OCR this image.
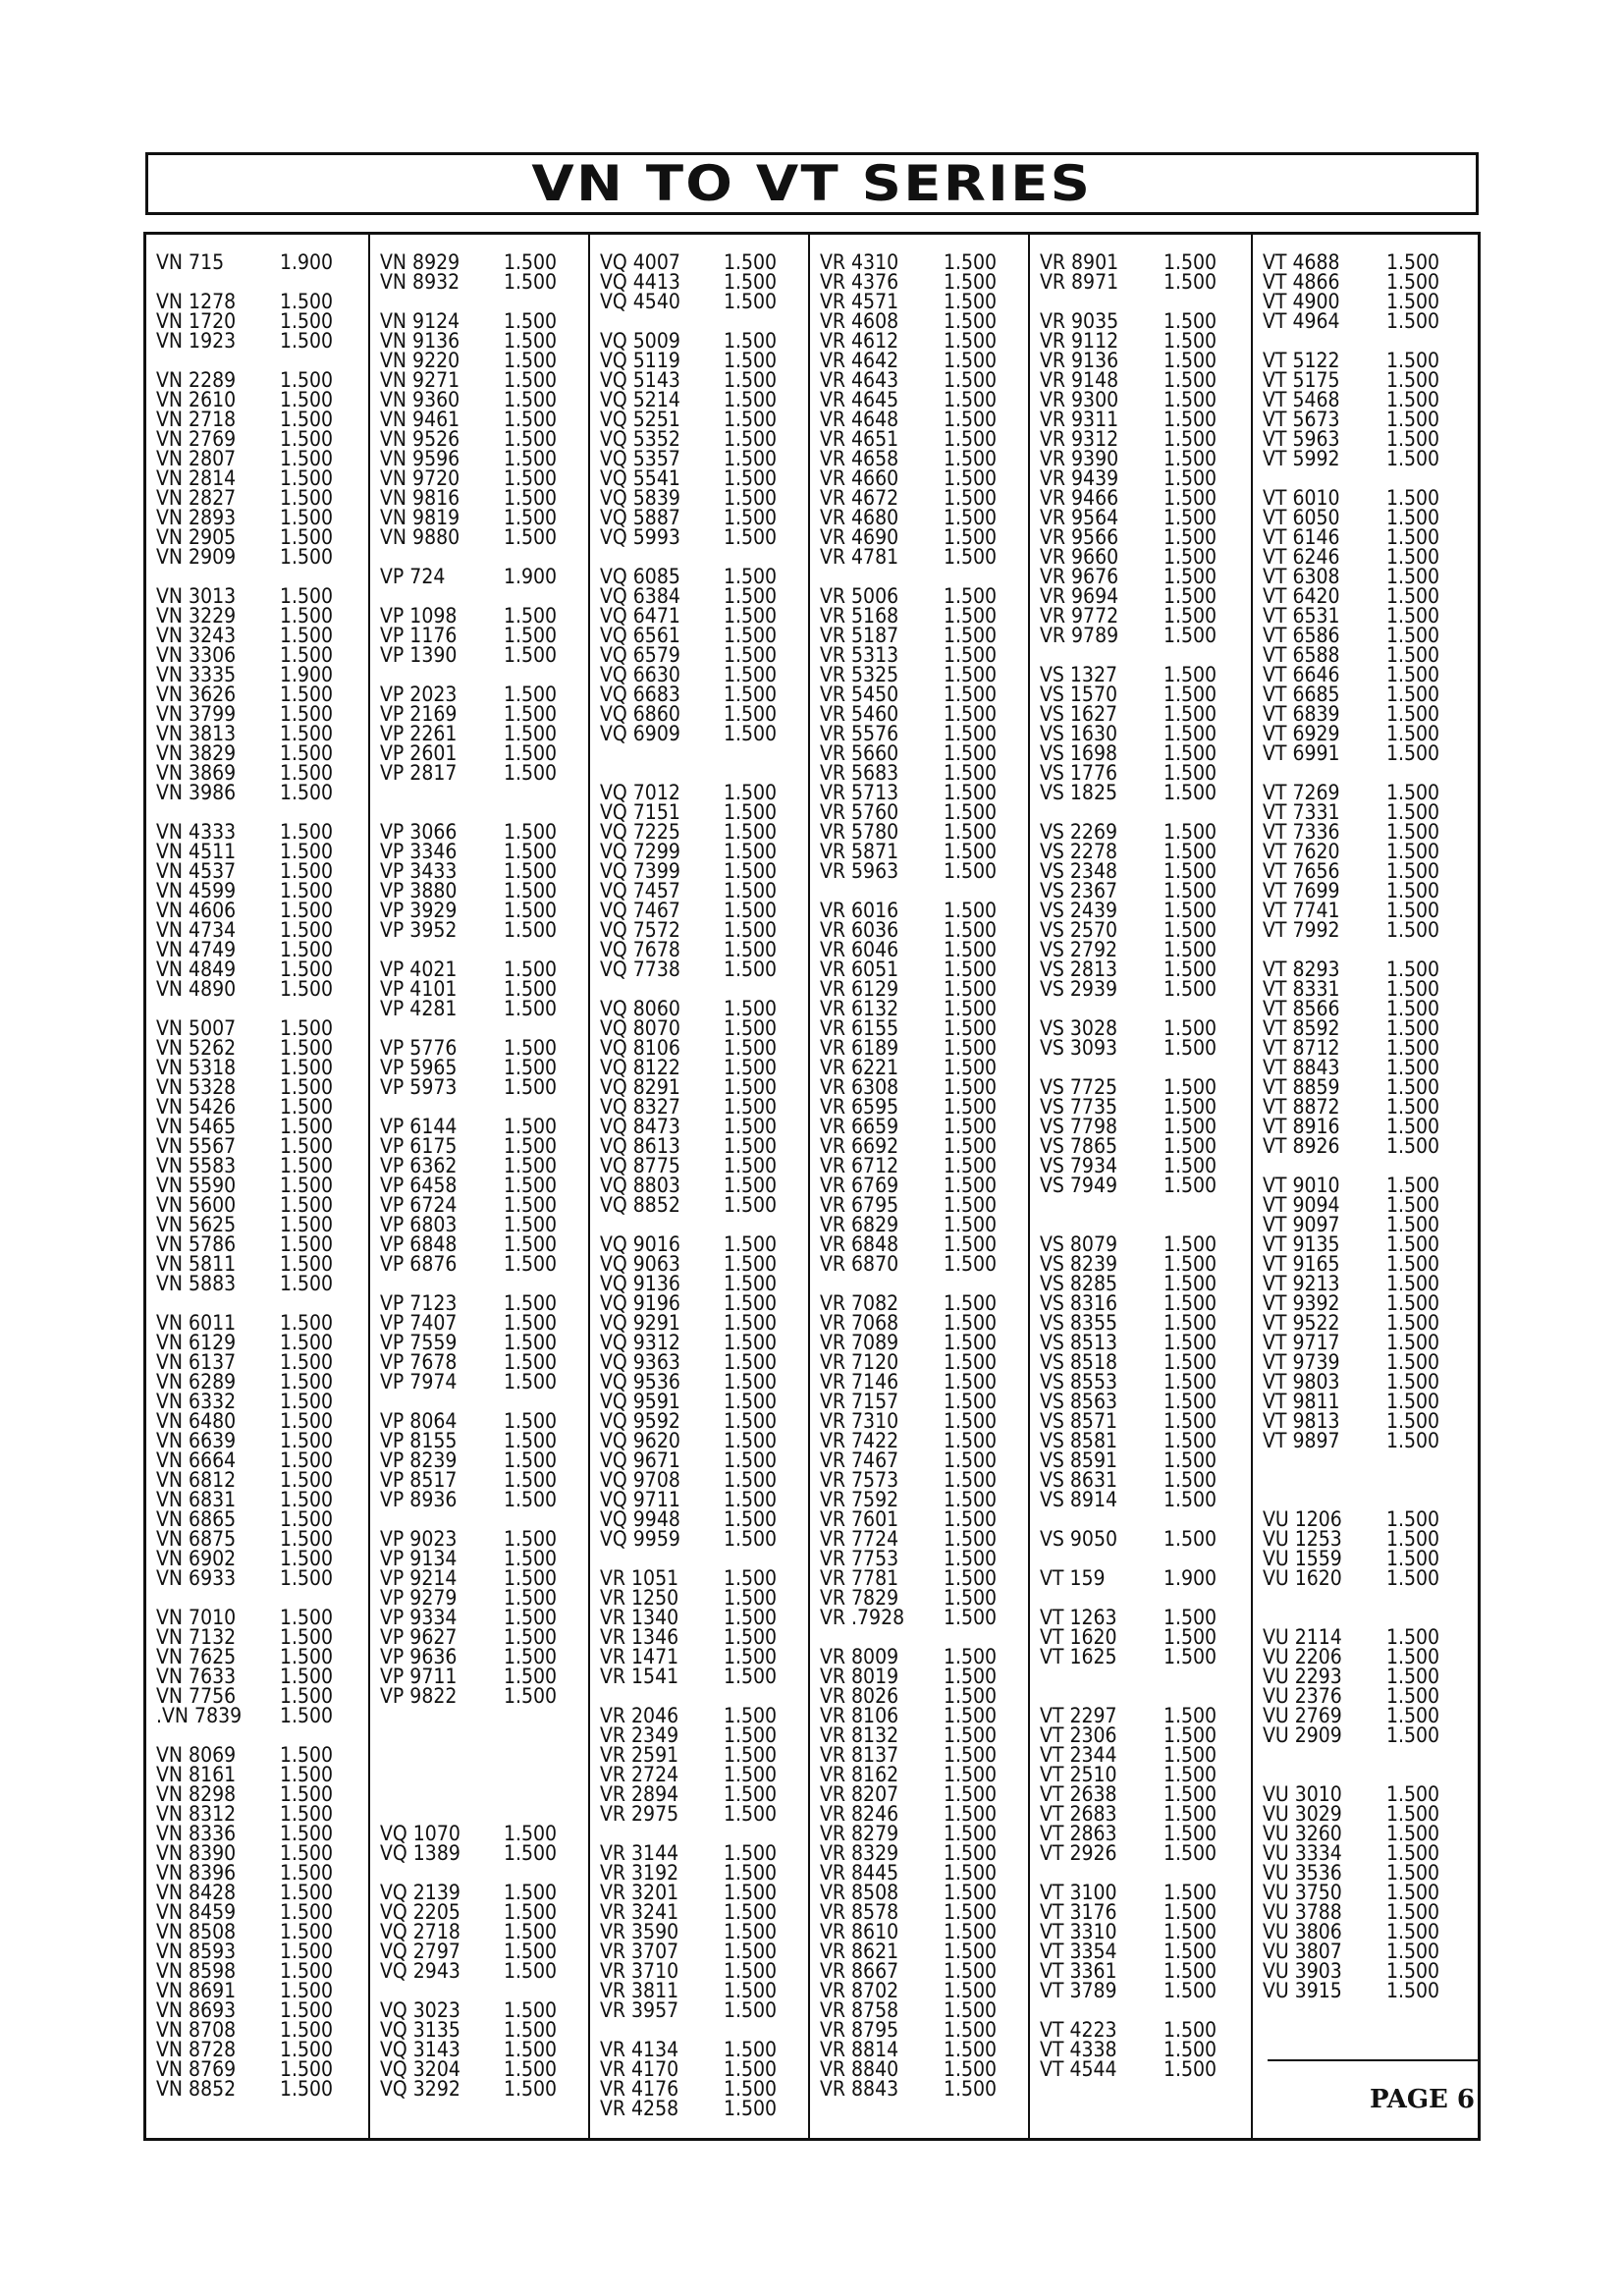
VN TO VT SERIES
VN 715	1.900
VN 1278 1.500
VN 1720 1.500
VN 1923 1.500
VN 2289 1.500
VN 2610 1.500
VN 2718 1.500
VN 2769 1.500
VN 2807 1.500
VN 2814 1.500
VN 2827 1.500
VN 2893 1.500
VN 2905 1.500
VN 2909 1.500
VN 3013 1.500
VN 3229 1.500
VN 3243 1.500
VN 3306 1.500
VN 3335 1.900
VN 3626 1.500
VN 3799 1.500
VN 3813 1.500
VN 3829 1.500
VN 3869 1.500
VN 3986 1.500
VN 4333 1.500
VN 4511 1.500
VN 4537 1.500
VN 4599 1.500
VN 4606 1.500
VN 4734 1.500
VN 4749 1.500
VN 4849 1.500
VN 4890 1.500
VN 5007 1.500
VN 5262 1.500
VN 5318 1.500
VN 5328 1.500
VN 5426 1.500
VN 5465 1.500
VN 5567 1.500
VN 5583 1.500
VN 5590 1.500
VN 5600 1.500
VN 5625 1.500
VN 5786 1.500
VN 5811 1.500
VN 5883 1.500
VN 6011 1.500
VN 6129 1.500
VN 6137 1.500
VN 6289 1.500
VN 6332 1.500
VN 6480 1.500
VN 6639 1.500
VN 6664 1.500
VN 6812 1.500
VN 6831 1.500
VN 6865 1.500
VN 6875 1.500
VN 6902 1.500
VN 6933 1.500
VN 7010 1.500
VN 7132 1.500
VN 7625 1.500
VN 7633 1.500
VN 7756 1.500
.VN 7839 1.500
VN 8069 1.500
VN 8161 1.500
VN 8298 1.500
VN 8312 1.500
VN 8336 1.500
VN 8390 1.500
VN 8396 1.500
VN 8428 1.500
VN 8459 1.500
VN 8508 1.500
VN 8593 1.500
VN 8598 1.500
VN 8691 1.500
VN 8693 1.500
VN 8708 1.500
VN 8728 1.500
VN 8769 1.500
VN 8852 1.500
VN 8929 1.500
VN 8932 1.500
VN 9124 1.500
VN 9136 1.500
VN 9220 1.500
VN 9271 1.500
VN 9360 1.500
VN 9461 1.500
VN 9526 1.500
VN 9596 1.500
VN 9720 1.500
VN 9816 1.500
VN 9819 1.500
VN 9880 1.500
VP 724	1.900
VP 1098 1.500
VP 1176 1.500
VP 1390 1.500
VP 2023 1.500
VP 2169 1.500
VP 2261 1.500
VP 2601 1.500
VP 2817 1.500
VP 3066 1.500
VP 3346 1.500
VP 3433 1.500
VP 3880 1.500
VP 3929 1.500
VP 3952 1.500
VP 4021 1.500
VP 4101 1.500
VP 4281 1.500
VP 5776 1.500
VP 5965 1.500
VP 5973 1.500
VP 6144 1.500
VP 6175 1.500
VP 6362 1.500
VP 6458 1.500
VP 6724 1.500
VP 6803 1.500
VP 6848 1.500
VP 6876 1.500
VP 7123 1.500
VP 7407 1.500
VP 7559 1.500
VP 7678 1.500
VP 7974 1.500
VP 8064 1.500
VP 8155 1.500
VP 8239 1.500
VP 8517 1.500
VP 8936 1.500
VP 9023 1.500
VP 9134 1.500
VP 9214 1.500
VP 9279 1.500
VP 9334 1.500
VP 9627 1.500
VP 9636 1.500
VP 9711 1.500
VP 9822 1.500
VQ 1070 1.500
VQ 1389 1.500
VQ 2139 1.500
VQ 2205 1.500
VQ 2718 1.500
VQ 2797 1.500
VQ 2943 1.500
VQ 3023 1.500
VQ 3135 1.500
VQ 3143 1.500
VQ 3204 1.500
VQ 3292 1.500
VQ 4007 1.500
VQ 4413 1.500
VQ 4540 1.500
VQ 5009 1.500
VQ 5119 1.500
VQ 5143 1.500
VQ 5214 1.500
VQ 5251 1.500
VQ 5352 1.500
VQ 5357 1.500
VQ 5541 1.500
VQ 5839 1.500
VQ 5887 1.500
VQ 5993 1.500
VQ 6085 1.500
VQ 6384 1.500
VQ 6471 1.500
VQ 6561 1.500
VQ 6579 1.500
VQ 6630 1.500
VQ 6683 1.500
VQ 6860 1.500
VQ 6909 1.500
VQ 7012 1.500
VQ 7151 1.500
VQ 7225 1.500
VQ 7299 1.500
VQ 7399 1.500
VQ 7457 1.500
VQ 7467 1.500
VQ 7572 1.500
VQ 7678 1.500
VQ 7738 1.500
VQ 8060 1.500
VQ 8070 1.500
VQ 8106 1.500
VQ 8122 1.500
VQ 8291 1.500
VQ 8327 1.500
VQ 8473 1.500
VQ 8613 1.500
VQ 8775 1.500
VQ 8803 1.500
VQ 8852 1.500
VQ 9016 1.500
VQ 9063 1.500
VQ 9136 1.500
VQ 9196 1.500
VQ 9291 1.500
VQ 9312 1.500
VQ 9363 1.500
VQ 9536 1.500
VQ 9591 1.500
VQ 9592 1.500
VQ 9620 1.500
VQ 9671 1.500
VQ 9708 1.500
VQ 9711 1.500
VQ 9948 1.500
VQ 9959 1.500
VR 1051 1.500
VR 1250 1.500
VR 1340 1.500
VR 1346 1.500
VR 1471 1.500
VR 1541 1.500
VR 2046 1.500
VR 2349 1.500
VR 2591 1.500
VR 2724 1.500
VR 2894 1.500
VR 2975 1.500
VR 3144 1.500
VR 3192 1.500
VR 3201 1.500
VR 3241 1.500
VR 3590 1.500
VR 3707 1.500
VR 3710 1.500
VR 3811 1.500
VR 3957 1.500
VR 4134 1.500
VR 4170 1.500
VR 4176 1.500
VR 4258 1.500
VR 4310 1.500
VR 4376 1.500
VR 4571 1.500
VR 4608 1.500
VR 4612 1.500
VR 4642 1.500
VR 4643 1.500
VR 4645 1.500
VR 4648 1.500
VR 4651 1.500
VR 4658 1.500
VR 4660 1.500
VR 4672 1.500
VR 4680 1.500
VR 4690 1.500
VR 4781 1.500
VR 5006 1.500
VR 5168 1.500
VR 5187 1.500
VR 5313 1.500
VR 5325 1.500
VR 5450 1.500
VR 5460 1.500
VR 5576 1.500
VR 5660 1.500
VR 5683 1.500
VR 5713 1.500
VR 5760 1.500
VR 5780 1.500
VR 5871 1.500
VR 5963 1.500
VR 6016 1.500
VR 6036 1.500
VR 6046 1.500
VR 6051 1.500
VR 6129 1.500
VR 6132 1.500
VR 6155 1.500
VR 6189 1.500
VR 6221 1.500
VR 6308 1.500
VR 6595 1.500
VR 6659 1.500
VR 6692 1.500
VR 6712 1.500
VR 6769 1.500
VR 6795 1.500
VR 6829 1.500
VR 6848 1.500
VR 6870 1.500
VR 7082 1.500
VR 7068 1.500
VR 7089 1.500
VR 7120 1.500
VR 7146 1.500
VR 7157 1.500
VR 7310 1.500
VR 7422 1.500
VR 7467 1.500
VR 7573 1.500
VR 7592 1.500
VR 7601 1.500
VR 7724 1.500
VR 7753 1.500
VR 7781 1.500
VR 7829 1.500
VR .7928 1.500
VR 8009 1.500
VR 8019 1.500
VR 8026 1.500
VR 8106 1.500
VR 8132 1.500
VR 8137 1.500
VR 8162 1.500
VR 8207 1.500
VR 8246 1.500
VR 8279 1.500
VR 8329 1.500
VR 8445 1.500
VR 8508 1.500
VR 8578 1.500
VR 8610 1.500
VR 8621 1.500
VR 8667 1.500
VR 8702 1.500
VR 8758 1.500
VR 8795 1.500
VR 8814 1.500
VR 8840 1.500
VR 8843 1.500
VR 8901 1.500
VR 8971 1.500
VR 9035 1.500
VR 9112 1.500
VR 9136 1.500
VR 9148 1.500
VR 9300 1.500
VR 9311 1.500
VR 9312 1.500
VR 9390 1.500
VR 9439 1.500
VR 9466 1.500
VR 9564 1.500
VR 9566 1.500
VR 9660 1.500
VR 9676 1.500
VR 9694 1.500
VR 9772 1.500
VR 9789 1.500
VS 1327 1.500
VS 1570 1.500
VS 1627 1.500
VS 1630 1.500
VS 1698 1.500
VS 1776 1.500
VS 1825 1.500
VS 2269 1.500
VS 2278 1.500
VS 2348 1.500
VS 2367 1.500
VS 2439 1.500
VS 2570 1.500
VS 2792 1.500
VS 2813 1.500
VS 2939 1.500
VS 3028 1.500
VS 3093 1.500
VS 7725 1.500
VS 7735 1.500
VS 7798 1.500
VS 7865 1.500
VS 7934 1.500
VS 7949 1.500
VS 8079 1.500
VS 8239 1.500
VS 8285 1.500
VS 8316 1.500
VS 8355 1.500
VS 8513 1.500
VS 8518 1.500
VS 8553 1.500
VS 8563 1.500
VS 8571 1.500
VS 8581 1.500
VS 8591 1.500
VS 8631 1.500
VS 8914 1.500
VS 9050 1.500
VT 159	1.900
VT 1263 1.500
VT 1620 1.500
VT 1625 1.500
VT 2297 1.500
VT 2306 1.500
VT 2344 1.500
VT 2510 1.500
VT 2638 1.500
VT 2683 1.500
VT 2863 1.500
VT 2926 1.500
VT 3100 1.500
VT 3176 1.500
VT 3310 1.500
VT 3354 1.500
VT 3361 1.500
VT 3789 1.500
VT 4223 1.500
VT 4338 1.500
VT 4544 1.500
VT 4688 1.500
VT 4866 1.500
VT 4900 1.500
VT 4964 1.500
VT 5122 1.500
VT 5175 1.500
VT 5468 1.500
VT 5673 1.500
VT 5963 1.500
VT 5992 1.500
VT 6010 1.500
VT 6050 1.500
VT 6146 1.500
VT 6246 1.500
VT 6308 1.500
VT 6420 1.500
VT 6531 1.500
VT 6586 1.500
VT 6588 1.500
VT 6646 1.500
VT 6685 1.500
VT 6839 1.500
VT 6929 1.500
VT 6991 1.500
VT 7269 1.500
VT 7331 1.500
VT 7336 1.500
VT 7620 1.500
VT 7656 1.500
VT 7699 1.500
VT 7741 1.500
VT 7992 1.500
VT 8293 1.500
VT 8331 1.500
VT 8566 1.500
VT 8592 1.500
VT 8712 1.500
VT 8843 1.500
VT 8859 1.500
VT 8872 1.500
VT 8916 1.500
VT 8926 1.500
VT 9010 1.500
VT 9094 1.500
VT 9097 1.500
VT 9135 1.500
VT 9165 1.500
VT 9213 1.500
VT 9392 1.500
VT 9522 1.500
VT 9717 1.500
VT 9739 1.500
VT 9803 1.500
VT 9811 1.500
VT 9813 1.500
VT 9897 1.500
VU 1206 1.500
VU 1253 1.500
VU 1559 1.500
VU 1620 1.500
VU 2114 1.500
VU 2206 1.500
VU 2293 1.500
VU 2376 1.500
VU 2769 1.500
VU 2909 1.500
VU 3010 1.500
VU 3029 1.500
VU 3260 1.500
VU 3334 1.500
VU 3536 1.500
VU 3750 1.500
VU 3788 1.500
VU 3806 1.500
VU 3807 1.500
VU 3903 1.500
VU 3915 1.500
PAGE 6
